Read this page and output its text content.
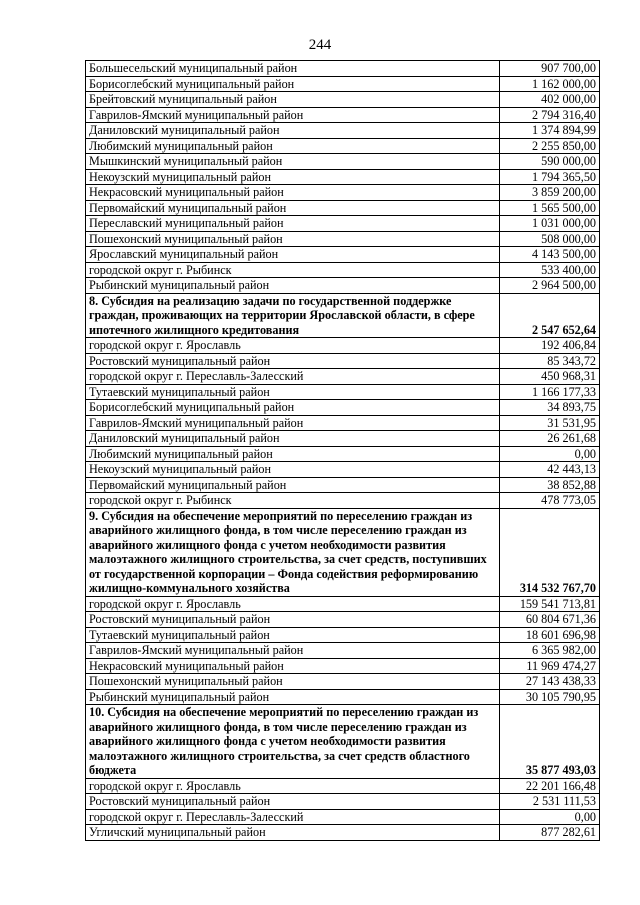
244
Большесельский муниципальный район	907 700,00
Борисоглебский муниципальный район	1 162 000,00
Брейтовский муниципальный район	402 000,00
Гаврилов-Ямский муниципальный район	2 794 316,40
Даниловский муниципальный район	1 374 894,99
Любимский муниципальный район	2 255 850,00
Мышкинский муниципальный район	590 000,00
Некоузский муниципальный район	1 794 365,50
Некрасовский муниципальный район	3 859 200,00
Первомайский муниципальный район	1 565 500,00
Переславский муниципальный район	1 031 000,00
Пошехонский муниципальный район	508 000,00
Ярославский муниципальный район	4 143 500,00
городской округ г. Рыбинск	533 400,00
Рыбинский муниципальный район	2 964 500,00
8. Субсидия на реализацию задачи по государственной поддержке граждан, проживающих на территории Ярославской области, в сфере ипотечного жилищного кредитования	2 547 652,64
городской округ г. Ярославль	192 406,84
Ростовский муниципальный район	85 343,72
городской округ г. Переславль-Залесский	450 968,31
Тутаевский муниципальный район	1 166 177,33
Борисоглебский муниципальный район	34 893,75
Гаврилов-Ямский муниципальный район	31 531,95
Даниловский муниципальный район	26 261,68
Любимский муниципальный район	0,00
Некоузский муниципальный район	42 443,13
Первомайский муниципальный район	38 852,88
городской округ г. Рыбинск	478 773,05
9. Субсидия на обеспечение мероприятий по переселению граждан из аварийного жилищного фонда, в том числе переселению граждан из аварийного жилищного фонда с учетом необходимости развития малоэтажного жилищного строительства, за счет средств, поступивших от государственной корпорации – Фонда содействия реформированию жилищно-коммунального хозяйства	314 532 767,70
городской округ г. Ярославль	159 541 713,81
Ростовский муниципальный район	60 804 671,36
Тутаевский муниципальный район	18 601 696,98
Гаврилов-Ямский муниципальный район	6 365 982,00
Некрасовский муниципальный район	11 969 474,27
Пошехонский муниципальный район	27 143 438,33
Рыбинский муниципальный район	30 105 790,95
10. Субсидия на обеспечение мероприятий по переселению граждан из аварийного жилищного фонда, в том числе переселению граждан из аварийного жилищного фонда с учетом необходимости развития малоэтажного жилищного строительства, за счет средств областного бюджета	35 877 493,03
городской округ г. Ярославль	22 201 166,48
Ростовский муниципальный район	2 531 111,53
городской округ г. Переславль-Залесский	0,00
Угличский муниципальный район	877 282,61
